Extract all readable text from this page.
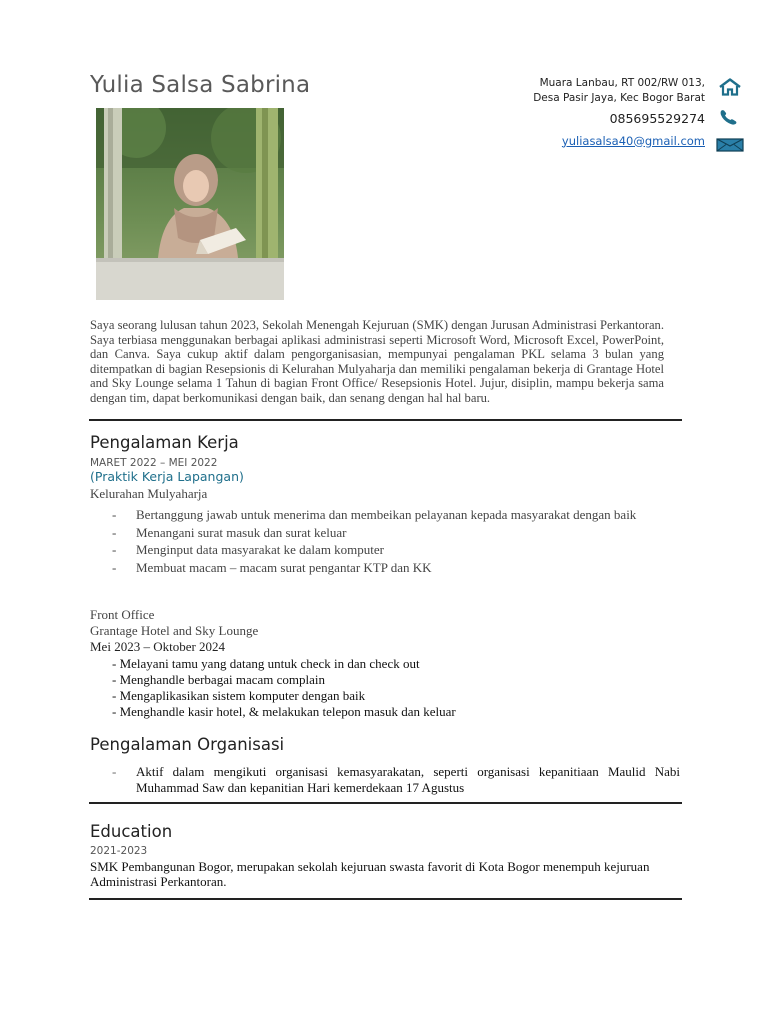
Yulia Salsa Sabrina	Muara Lanbau, RT 002/RW 013,
Desa Pasir Jaya, Kec Bogor Barat
085695529274
yuliasalsa40@gmail.com
Saya seorang lulusan tahun 2023, Sekolah Menengah Kejuruan (SMK) dengan Jurusan Administrasi Perkantoran. Saya terbiasa menggunakan berbagai aplikasi administrasi seperti Microsoft Word, Microsoft Excel, PowerPoint, dan Canva. Saya cukup aktif dalam pengorganisasian, mempunyai pengalaman PKL selama 3 bulan yang ditempatkan di bagian Resepsionis di Kelurahan Mulyaharja dan memiliki pengalaman bekerja di Grantage Hotel and Sky Lounge selama 1 Tahun di bagian Front Office/ Resepsionis Hotel. Jujur, disiplin, mampu bekerja sama dengan tim, dapat berkomunikasi dengan baik, dan senang dengan hal hal baru.
Pengalaman Kerja
MARET 2022 – MEI 2022
(Praktik Kerja Lapangan)
Kelurahan Mulyaharja
- Bertanggung jawab untuk menerima dan membeikan pelayanan kepada masyarakat dengan baik
- Menangani surat masuk dan surat keluar
- Menginput data masyarakat ke dalam komputer
- Membuat macam – macam surat pengantar KTP dan KK
Front Office
Grantage Hotel and Sky Lounge
Mei 2023 – Oktober 2024
- Melayani tamu yang datang untuk check in dan check out
- Menghandle berbagai macam complain
- Mengaplikasikan sistem komputer dengan baik
- Menghandle kasir hotel, & melakukan telepon masuk dan keluar
Pengalaman Organisasi
- Aktif dalam mengikuti organisasi kemasyarakatan, seperti organisasi kepanitiaan Maulid Nabi Muhammad Saw dan kepanitian Hari kemerdekaan 17 Agustus
Education
2021-2023
SMK Pembangunan Bogor, merupakan sekolah kejuruan swasta favorit di Kota Bogor menempuh kejuruan Administrasi Perkantoran.
